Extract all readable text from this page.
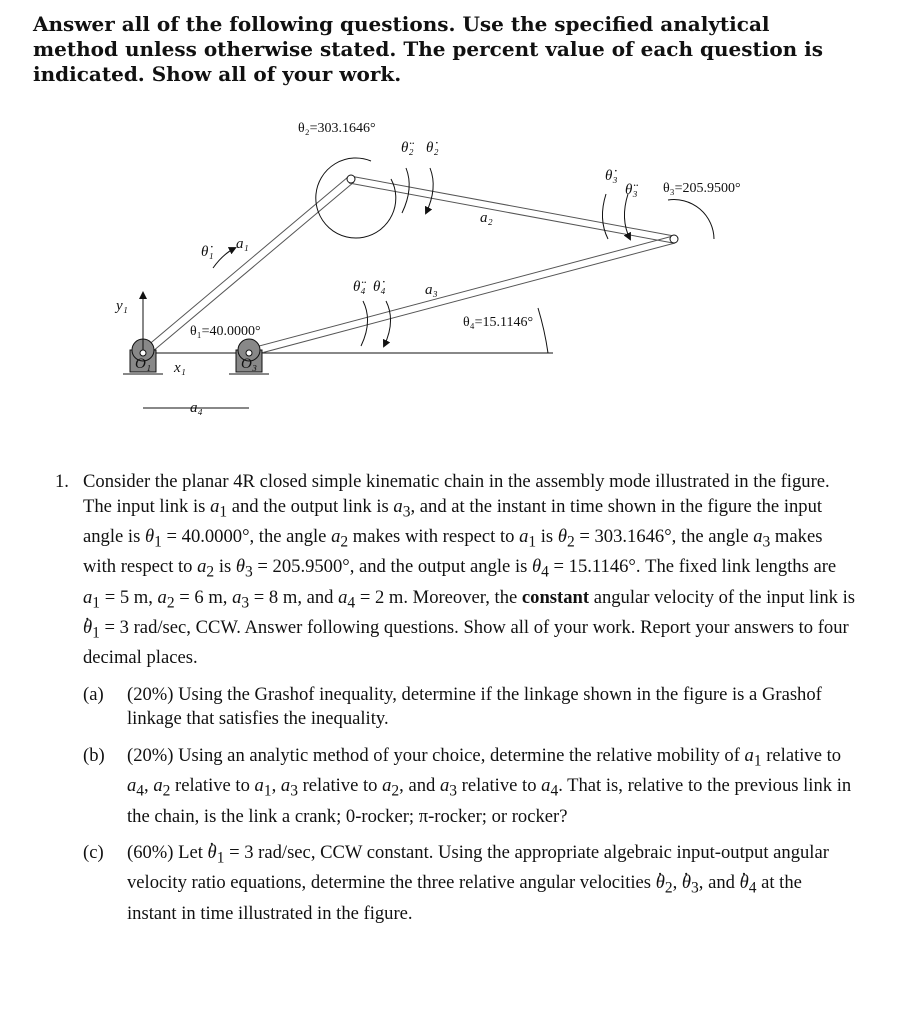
Answer all of the following questions. Use the specified analytical method unless otherwise stated. The percent value of each question is indicated. Show all of your work.
θ₂=303.1646°
θ̈₂ θ̇₂
θ̇₃
θ̈₃ θ₃=205.9500°
a₂
θ̇₁ a₁
θ̈₄ θ̇₄	a₃
θ₄=15.1146°
θ₁=40.0000°
y₁
x₁
O₁	O₃
a₄
1. Consider the planar 4R closed simple kinematic chain in the assembly mode illustrated in the figure. The input link is $a_1$ and the output link is $a_3$, and at the instant in time shown in the figure the input angle is $\theta_1 = 40.0000^\circ$, the angle $a_2$ makes with respect to $a_1$ is $\theta_2 = 303.1646^\circ$, the angle $a_3$ makes with respect to $a_2$ is $\theta_3 = 205.9500^\circ$, and the output angle is $\theta_4 = 15.1146^\circ$. The fixed link lengths are $a_1 = 5$ m, $a_2 = 6$ m, $a_3 = 8$ m, and $a_4 = 2$ m. Moreover, the constant angular velocity of the input link is θ $._1 = 3$ rad/sec, CCW. Answer following questions. Show all of your work. Report your answers to four decimal places.
(a) (20%) Using the Grashof inequality, determine if the linkage shown in the figure is a Grashof linkage that satisfies the inequality.
(b) (20%) Using an analytic method of your choice, determine the relative mobility of $a_1$ relative to $a_4$, $a_2$ relative to $a_1$, $a_3$ relative to $a_2$, and $a_3$ relative to $a_4$. That is, relative to the previous link in the chain, is the link a crank; 0-rocker; π-rocker; or rocker?
(c) (60%) Let θ $._1 = 3$ rad/sec, CCW constant. Using the appropriate algebraic input-output angular velocity ratio equations, determine the three relative angular velocities θ $._2$, θ $._3$, and θ $._4$ at the instant in time illustrated in the figure.
